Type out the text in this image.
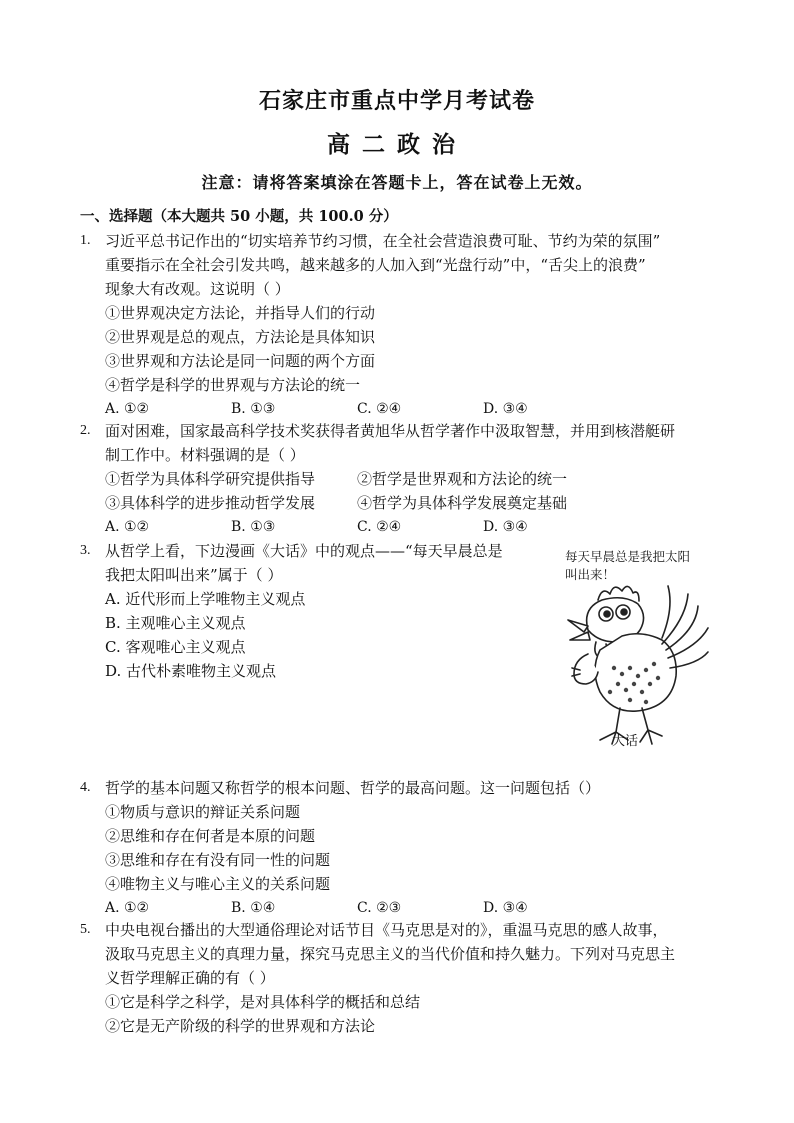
石家庄市重点中学月考试卷
高二政治
注意：请将答案填涂在答题卡上，答在试卷上无效。
一、选择题（本大题共 50 小题，共 100.0 分）
1. 习近平总书记作出的“切实培养节约习惯，在全社会营造浪费可耻、节约为荣的氛围”
重要指示在全社会引发共鸣，越来越多的人加入到“光盘行动”中，“舌尖上的浪费”
现象大有改观。这说明（ ）
①世界观决定方法论，并指导人们的行动
②世界观是总的观点，方法论是具体知识
③世界观和方法论是同一问题的两个方面
④哲学是科学的世界观与方法论的统一
A. ①②	B. ①③	C. ②④	D. ③④
2. 面对困难，国家最高科学技术奖获得者黄旭华从哲学著作中汲取智慧，并用到核潜艇研
制工作中。材料强调的是（ ）
①哲学为具体科学研究提供指导	②哲学是世界观和方法论的统一
③具体科学的进步推动哲学发展	④哲学为具体科学发展奠定基础
A. ①②	B. ①③	C. ②④	D. ③④
3. 从哲学上看，下边漫画《大话》中的观点——“每天早晨总是
我把太阳叫出来”属于（ ）
A. 近代形而上学唯物主义观点
B. 主观唯心主义观点
C. 客观唯心主义观点
D. 古代朴素唯物主义观点
每天早晨总是我把太阳
叫出来！
大话
4. 哲学的基本问题又称哲学的根本问题、哲学的最高问题。这一问题包括（）
①物质与意识的辩证关系问题
②思维和存在何者是本原的问题
③思维和存在有没有同一性的问题
④唯物主义与唯心主义的关系问题
A. ①②	B. ①④	C. ②③	D. ③④
5. 中央电视台播出的大型通俗理论对话节目《马克思是对的》，重温马克思的感人故事，
汲取马克思主义的真理力量，探究马克思主义的当代价值和持久魅力。下列对马克思主
义哲学理解正确的有（ ）
①它是科学之科学，是对具体科学的概括和总结
②它是无产阶级的科学的世界观和方法论
